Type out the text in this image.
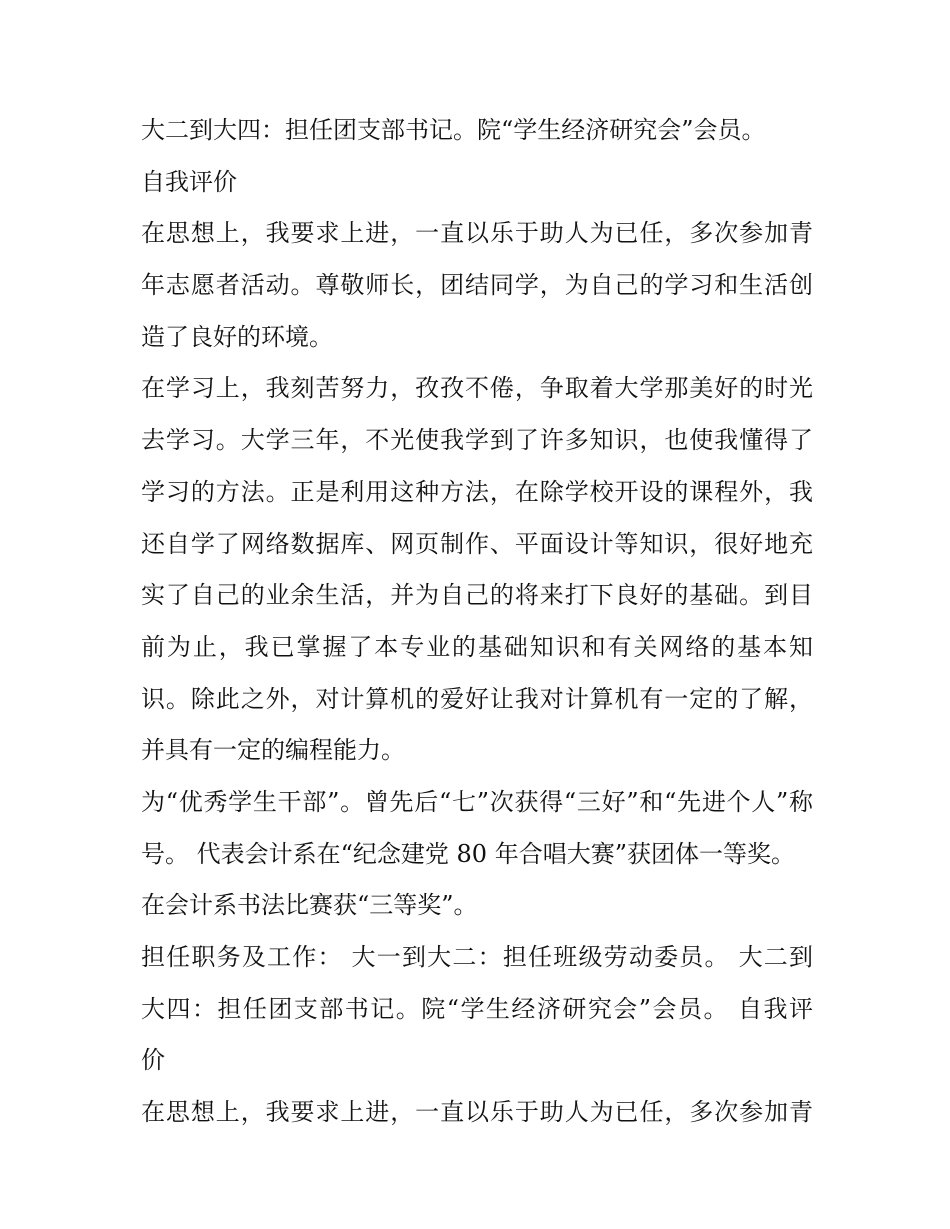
大二到大四：担任团支部书记。院“学生经济研究会”会员。
自我评价
在思想上，我要求上进，一直以乐于助人为已任，多次参加青
年志愿者活动。尊敬师长，团结同学，为自己的学习和生活创
造了良好的环境。
在学习上，我刻苦努力，孜孜不倦，争取着大学那美好的时光
去学习。大学三年，不光使我学到了许多知识，也使我懂得了
学习的方法。正是利用这种方法，在除学校开设的课程外，我
还自学了网络数据库、网页制作、平面设计等知识，很好地充
实了自己的业余生活，并为自己的将来打下良好的基础。到目
前为止，我已掌握了本专业的基础知识和有关网络的基本知
识。除此之外，对计算机的爱好让我对计算机有一定的了解，
并具有一定的编程能力。
为“优秀学生干部”。曾先后“七”次获得“三好”和“先进个人”称
号。 代表会计系在“纪念建党 80 年合唱大赛”获团体一等奖。
在会计系书法比赛获“三等奖”。
担任职务及工作： 大一到大二：担任班级劳动委员。 大二到
大四：担任团支部书记。院“学生经济研究会”会员。 自我评
价
在思想上，我要求上进，一直以乐于助人为已任，多次参加青
